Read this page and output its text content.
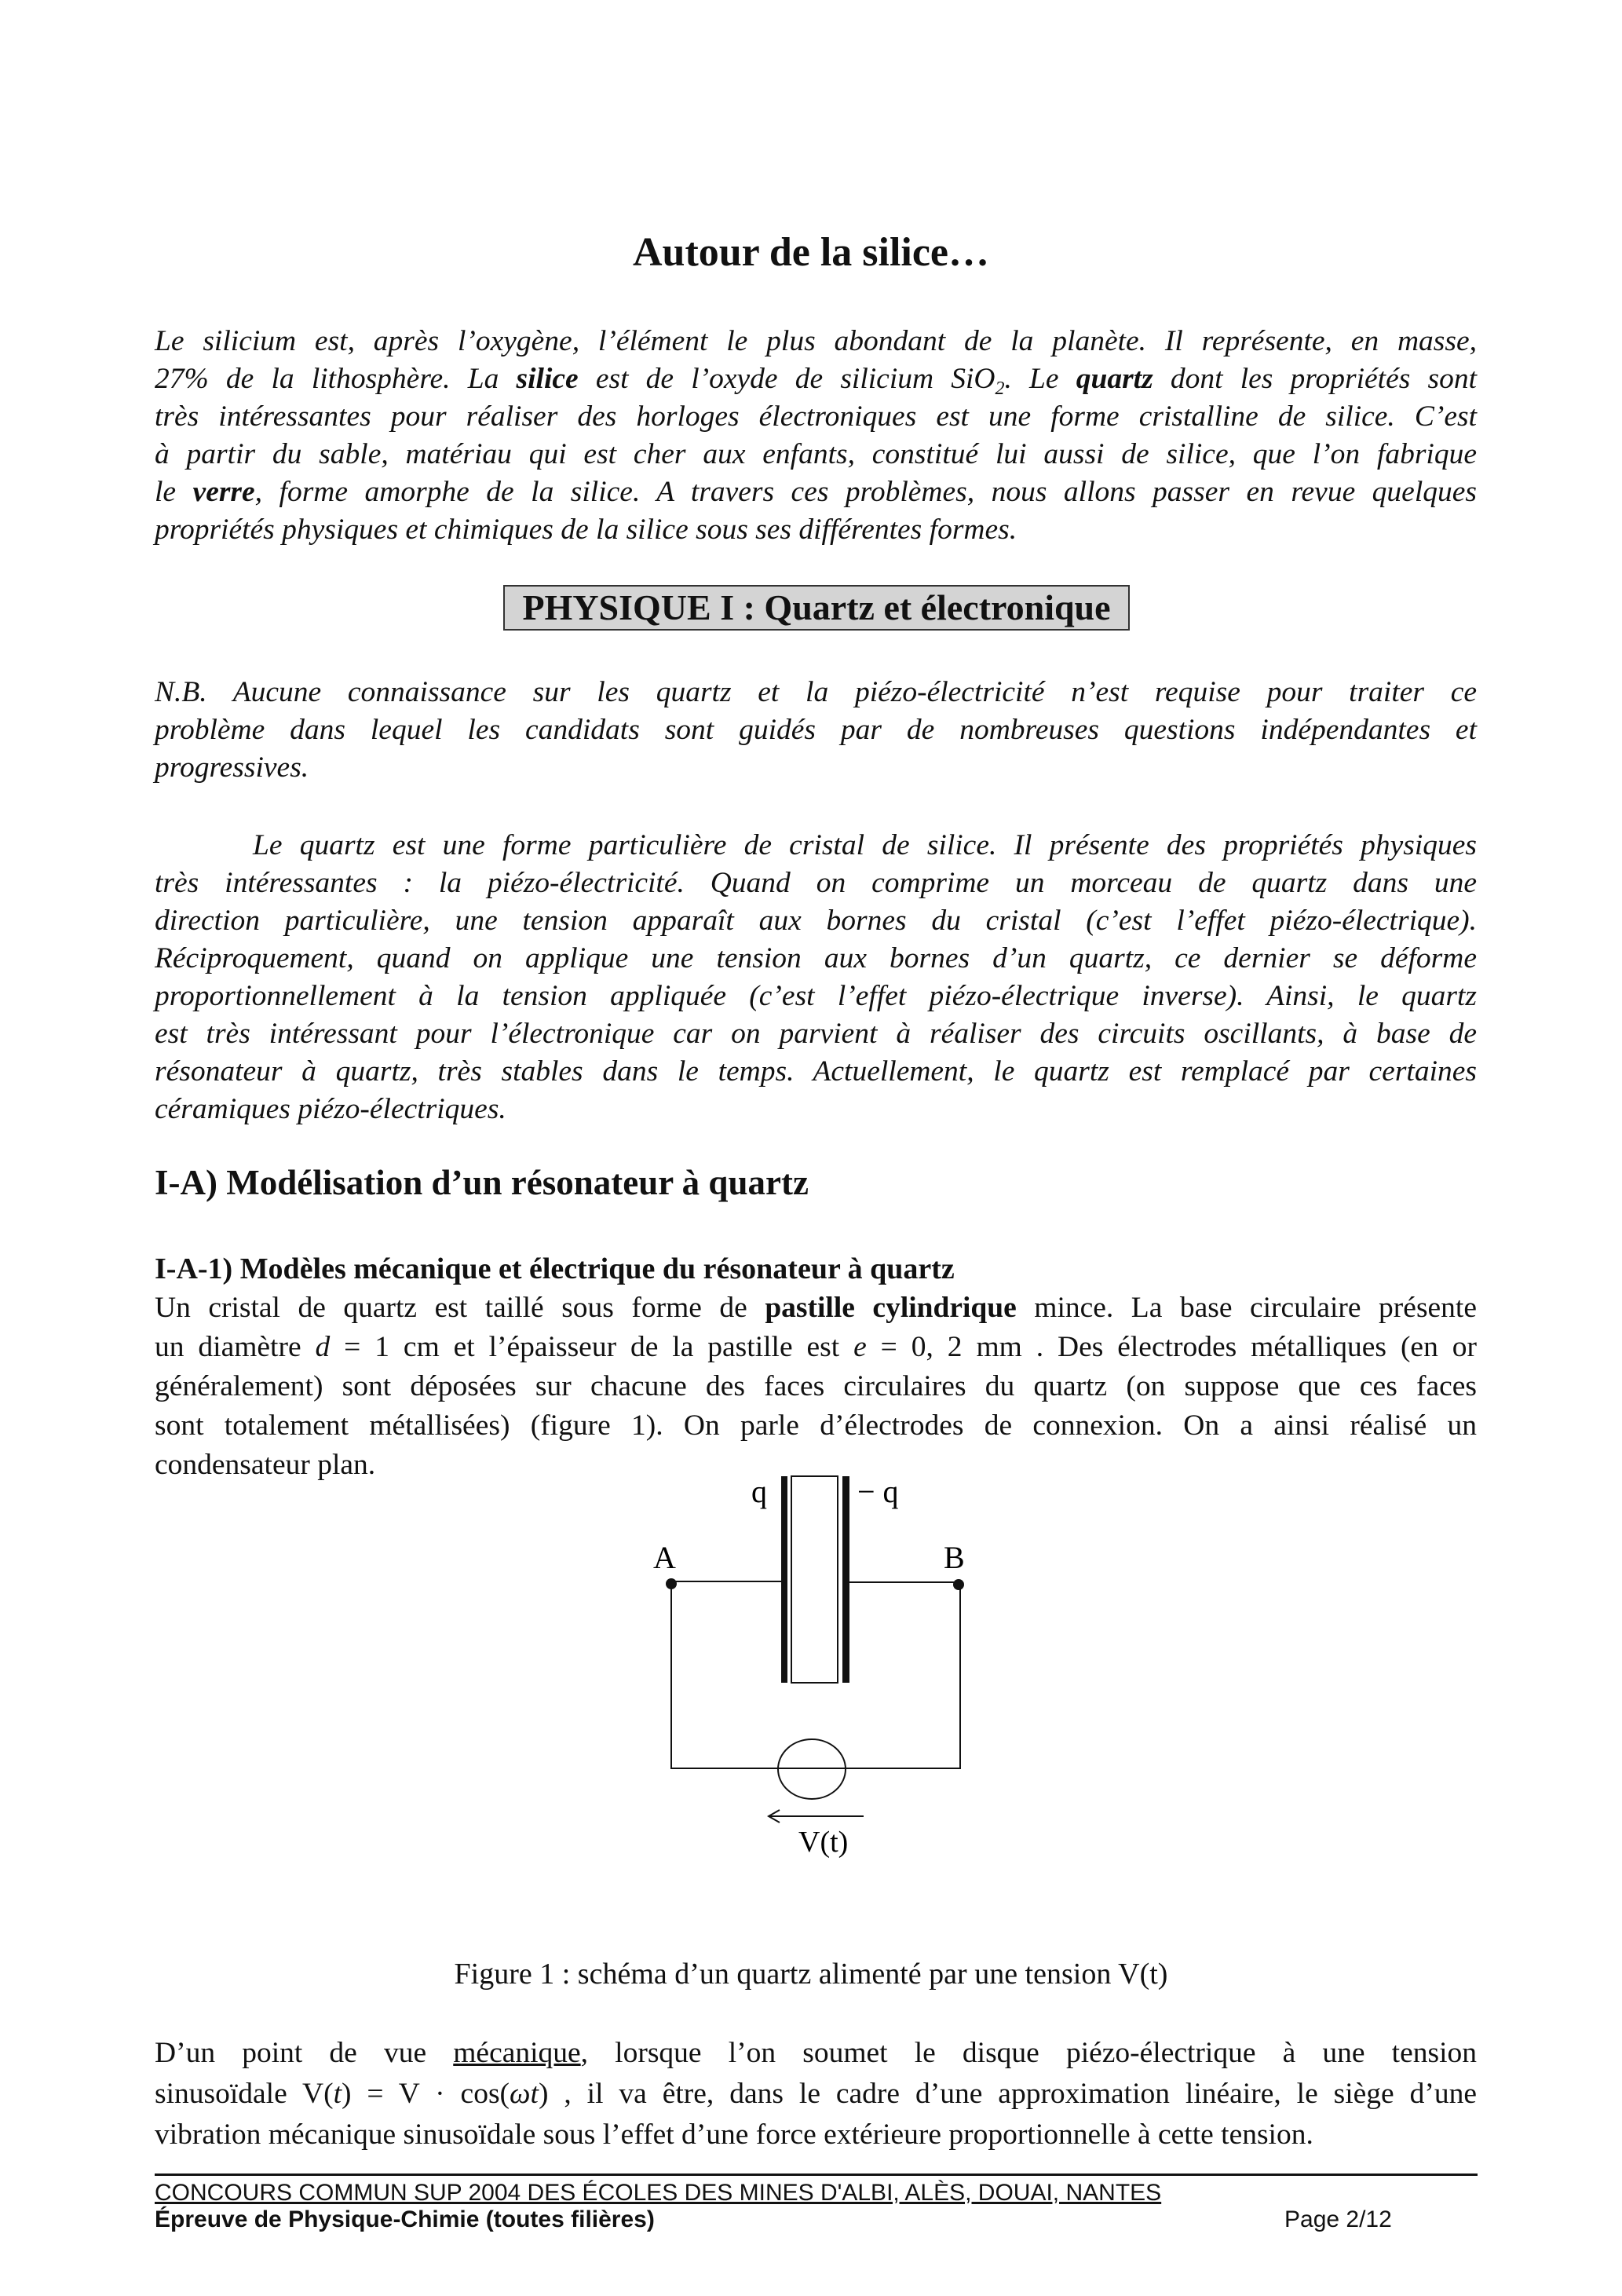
Autour de la silice…
Le silicium est, après l’oxygène, l’élément le plus abondant de la planète. Il représente, en masse,
27% de la lithosphère. La silice est de l’oxyde de silicium SiO$_2$. Le quartz dont les propriétés sont
très intéressantes pour réaliser des horloges électroniques est une forme cristalline de silice. C’est
à partir du sable, matériau qui est cher aux enfants, constitué lui aussi de silice, que l’on fabrique
le verre, forme amorphe de la silice. A travers ces problèmes, nous allons passer en revue quelques
propriétés physiques et chimiques de la silice sous ses différentes formes.
PHYSIQUE I : Quartz et électronique
N.B. Aucune connaissance sur les quartz et la piézo-électricité n’est requise pour traiter ce
problème dans lequel les candidats sont guidés par de nombreuses questions indépendantes et
progressives.
Le quartz est une forme particulière de cristal de silice. Il présente des propriétés physiques
très intéressantes : la piézo-électricité. Quand on comprime un morceau de quartz dans une
direction particulière, une tension apparaît aux bornes du cristal (c’est l’effet piézo-électrique).
Réciproquement, quand on applique une tension aux bornes d’un quartz, ce dernier se déforme
proportionnellement à la tension appliquée (c’est l’effet piézo-électrique inverse). Ainsi, le quartz
est très intéressant pour l’électronique car on parvient à réaliser des circuits oscillants, à base de
résonateur à quartz, très stables dans le temps. Actuellement, le quartz est remplacé par certaines
céramiques piézo-électriques.
I-A) Modélisation d’un résonateur à quartz
I-A-1) Modèles mécanique et électrique du résonateur à quartz
Un cristal de quartz est taillé sous forme de pastille cylindrique mince. La base circulaire présente
un diamètre d = 1 cm et l’épaisseur de la pastille est e = 0, 2 mm . Des électrodes métalliques (en or
généralement) sont déposées sur chacune des faces circulaires du quartz (on suppose que ces faces
sont totalement métallisées) (figure 1). On parle d’électrodes de connexion. On a ainsi réalisé un
condensateur plan.
q	− q
A	B
V(t)
Figure 1 : schéma d’un quartz alimenté par une tension V(t)
D’un point de vue mécanique, lorsque l’on soumet le disque piézo-électrique à une tension
sinusoïdale V(t) = V · cos(ωt) , il va être, dans le cadre d’une approximation linéaire, le siège d’une
vibration mécanique sinusoïdale sous l’effet d’une force extérieure proportionnelle à cette tension.
CONCOURS COMMUN SUP 2004 DES ÉCOLES DES MINES D'ALBI, ALÈS, DOUAI, NANTES
Épreuve de Physique-Chimie (toutes filières)	Page 2/12
